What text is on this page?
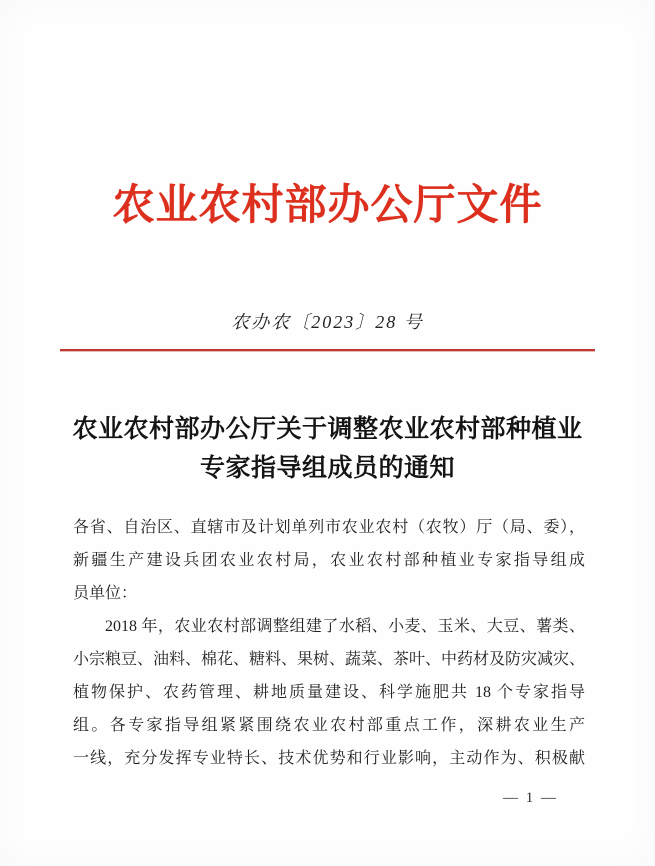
农业农村部办公厅文件
农办农〔2023〕28 号
农业农村部办公厅关于调整农业农村部种植业
专家指导组成员的通知
各省、自治区、直辖市及计划单列市农业农村（农牧）厅（局、委），
新疆生产建设兵团农业农村局，农业农村部种植业专家指导组成
员单位：
2018 年，农业农村部调整组建了水稻、小麦、玉米、大豆、薯类、
小宗粮豆、油料、棉花、糖料、果树、蔬菜、茶叶、中药材及防灾减灾、
植物保护、农药管理、耕地质量建设、科学施肥共 18 个专家指导
组。各专家指导组紧紧围绕农业农村部重点工作，深耕农业生产
一线，充分发挥专业特长、技术优势和行业影响，主动作为、积极献
— 1 —
